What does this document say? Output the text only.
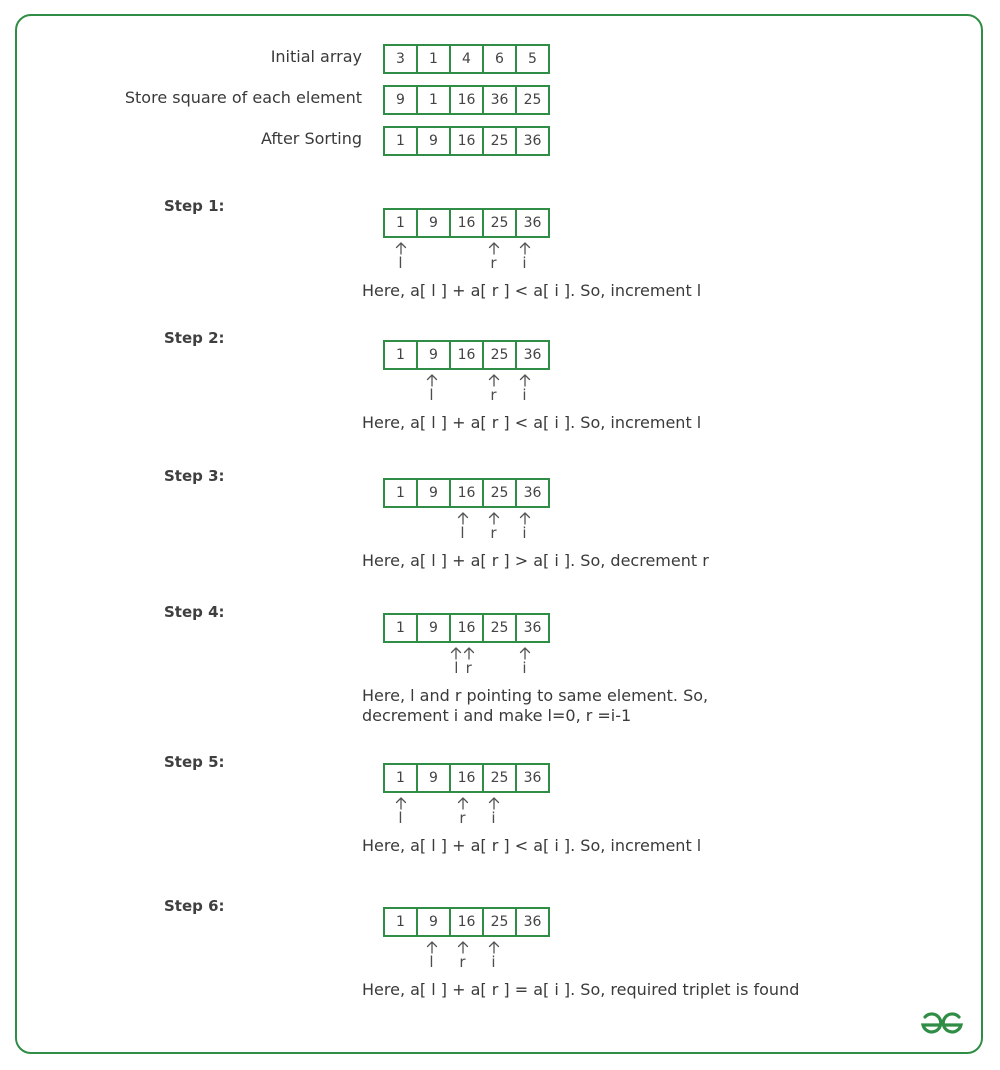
Initial array	3	1	4	6	5
Store square of each element	9	1	16	36	25
After Sorting	1	9	16	25	36
Step 1:
1	9	16	25	36
l	r	i
Here, a[ l ] + a[ r ] < a[ i ]. So, increment l
Step 2:
1	9	16	25	36
l	r	i
Here, a[ l ] + a[ r ] < a[ i ]. So, increment l
Step 3:
1	9	16	25	36
l	r	i
Here, a[ l ] + a[ r ] > a[ i ]. So, decrement r
Step 4:
1	9	16	25	36
l r	i
Here, l and r pointing to same element. So,
decrement i and make l=0, r =i-1
Step 5:
1	9	16	25	36
l	r	i
Here, a[ l ] + a[ r ] < a[ i ]. So, increment l
Step 6:
1	9	16	25	36
l	r	i
Here, a[ l ] + a[ r ] = a[ i ]. So, required triplet is found
